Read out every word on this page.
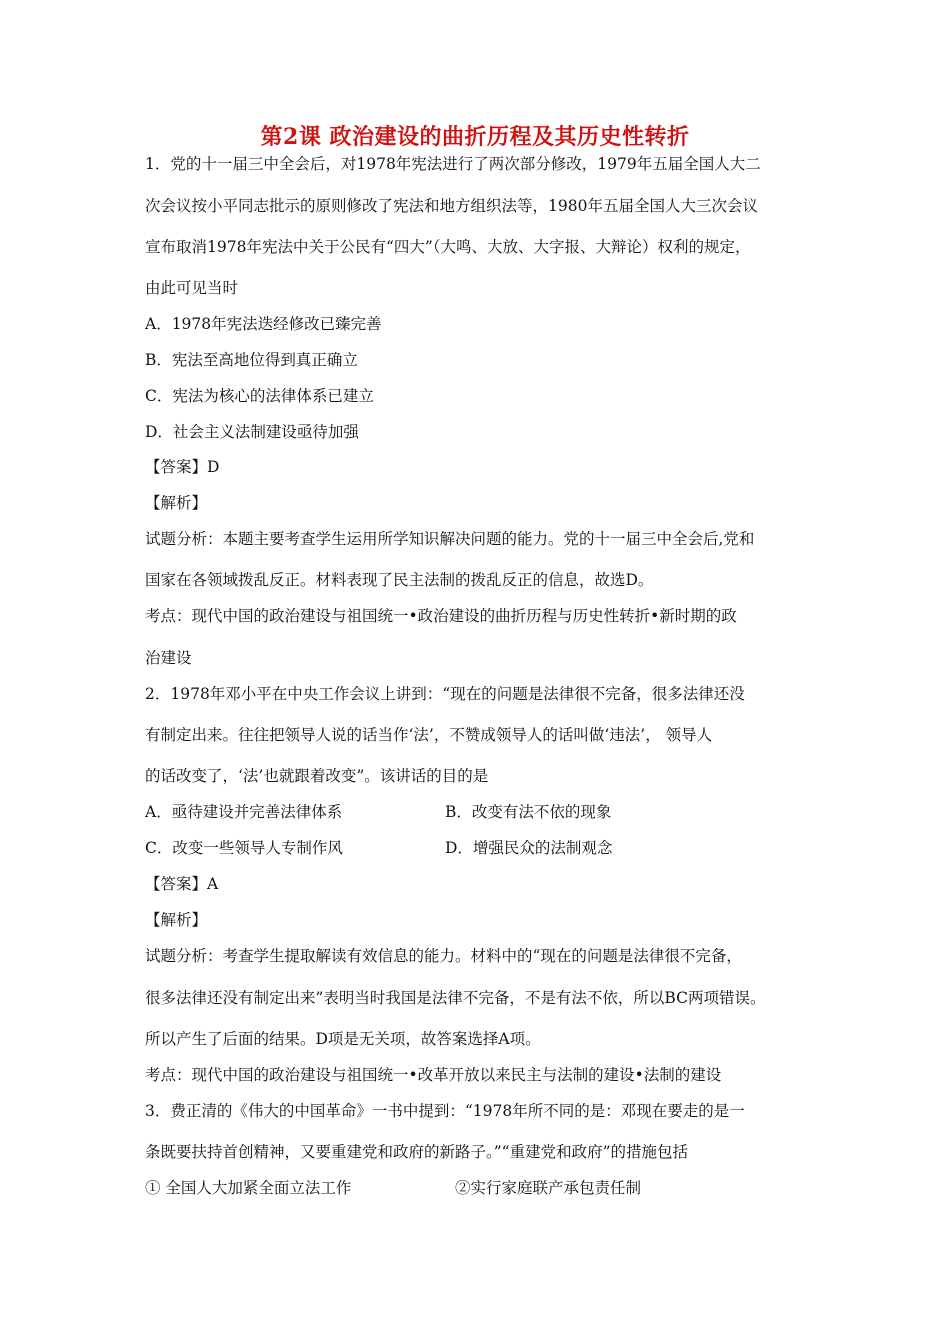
第2课 政治建设的曲折历程及其历史性转折
1．党的十一届三中全会后，对1978年宪法进行了两次部分修改，1979年五届全国人大二
次会议按小平同志批示的原则修改了宪法和地方组织法等，1980年五届全国人大三次会议
宣布取消1978年宪法中关于公民有“四大”（大鸣、大放、大字报、大辩论）权利的规定，
由此可见当时
A．1978年宪法迭经修改已臻完善
B．宪法至高地位得到真正确立
C．宪法为核心的法律体系已建立
D．社会主义法制建设亟待加强
【答案】D
【解析】
试题分析：本题主要考查学生运用所学知识解决问题的能力。党的十一届三中全会后,党和
国家在各领域拨乱反正。材料表现了民主法制的拨乱反正的信息，故选D。
考点：现代中国的政治建设与祖国统一•政治建设的曲折历程与历史性转折•新时期的政
治建设
2．1978年邓小平在中央工作会议上讲到：“现在的问题是法律很不完备，很多法律还没
有制定出来。往往把领导人说的话当作‘法’，不赞成领导人的话叫做‘违法’， 领导人
的话改变了，‘法’也就跟着改变”。该讲话的目的是
A．亟待建设并完善法律体系	B．改变有法不依的现象
C．改变一些领导人专制作风	D．增强民众的法制观念
【答案】A
【解析】
试题分析：考查学生提取解读有效信息的能力。材料中的“现在的问题是法律很不完备，
很多法律还没有制定出来”表明当时我国是法律不完备，不是有法不依，所以BC两项错误。
所以产生了后面的结果。D项是无关项，故答案选择A项。
考点：现代中国的政治建设与祖国统一•改革开放以来民主与法制的建设•法制的建设
3．费正清的《伟大的中国革命》一书中提到：“1978年所不同的是：邓现在要走的是一
条既要扶持首创精神，又要重建党和政府的新路子。”“重建党和政府”的措施包括
① 全国人大加紧全面立法工作	②实行家庭联产承包责任制
